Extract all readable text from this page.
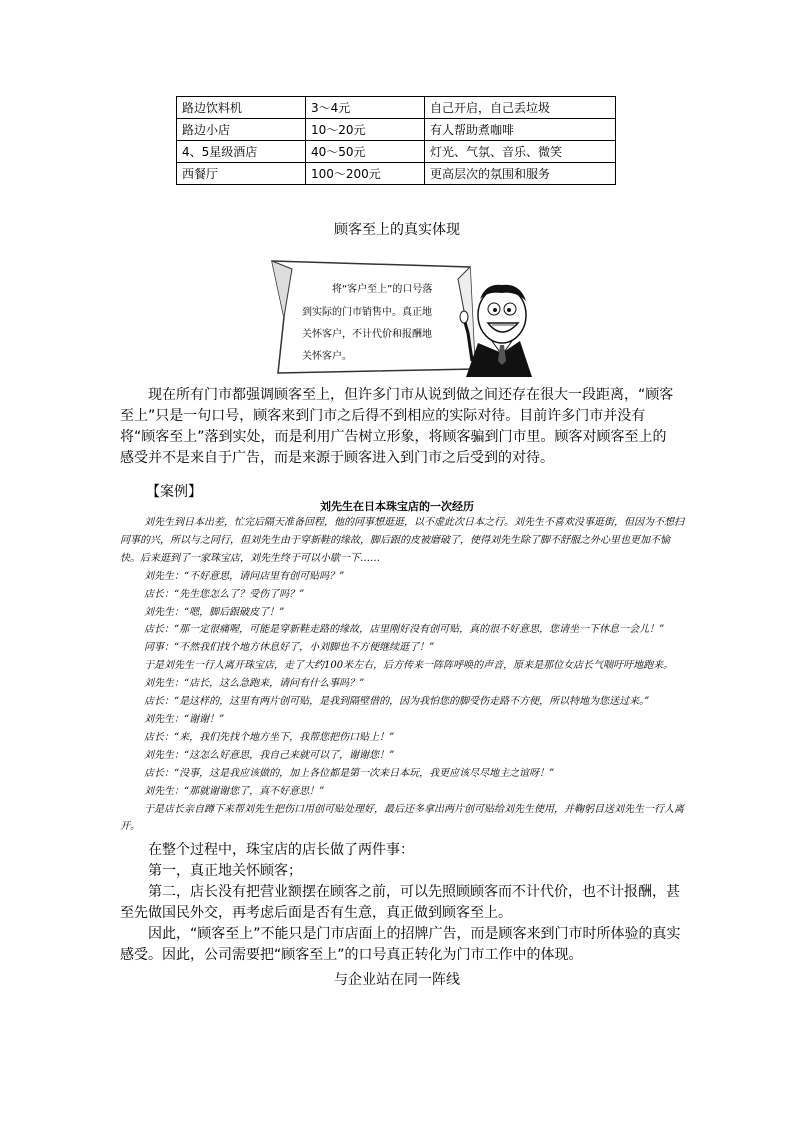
路边饮料机	3～4元	自己开启，自己丢垃圾
路边小店	10～20元	有人帮助煮咖啡
4、5星级酒店	40～50元	灯光、气氛、音乐、微笑
西餐厅	100～200元	更高层次的氛围和服务
顾客至上的真实体现
将“客户至上”的口号落
到实际的门市销售中。真正地
关怀客户，不计代价和报酬地
关怀客户。

现在所有门市都强调顾客至上，但许多门市从说到做之间还存在很大一段距离，“顾客至上”只是一句口号，顾客来到门市之后得不到相应的实际对待。目前许多门市并没有将“顾客至上”落到实处，而是利用广告树立形象，将顾客骗到门市里。顾客对顾客至上的感受并不是来自于广告，而是来源于顾客进入到门市之后受到的对待。

【案例】
刘先生在日本珠宝店的一次经历

刘先生到日本出差，忙完后隔天准备回程，他的同事想逛逛，以不虚此次日本之行。刘先生不喜欢没事逛街，但因为不想扫同事的兴，所以与之同行，但刘先生由于穿新鞋的缘故，脚后跟的皮被磨破了，使得刘先生除了脚不舒服之外心里也更加不愉快。后来逛到了一家珠宝店，刘先生终于可以小歇一下……

刘先生：“不好意思，请问店里有创可贴吗？”

店长：“先生您怎么了？受伤了吗？”

刘先生：“嗯，脚后跟破皮了！”

店长：“那一定很痛喔，可能是穿新鞋走路的缘故，店里刚好没有创可贴，真的很不好意思，您请坐一下休息一会儿！”

同事：“不然我们找个地方休息好了，小刘脚也不方便继续逛了！”

于是刘先生一行人离开珠宝店，走了大约100米左右，后方传来一阵阵呼唤的声音，原来是那位女店长气喘吁吁地跑来。

刘先生：“店长，这么急跑来，请问有什么事吗？”

店长：“是这样的，这里有两片创可贴，是我到隔壁借的，因为我怕您的脚受伤走路不方便，所以特地为您送过来。”

刘先生：“谢谢！”

店长：“来，我们先找个地方坐下，我帮您把伤口贴上！”

刘先生：“这怎么好意思，我自己来就可以了，谢谢您！”

店长：“没事，这是我应该做的，加上各位都是第一次来日本玩，我更应该尽尽地主之谊呀！”

刘先生：“那就谢谢您了，真不好意思！”

于是店长亲自蹲下来帮刘先生把伤口用创可贴处理好，最后还多拿出两片创可贴给刘先生使用，并鞠躬目送刘先生一行人离开。

在整个过程中，珠宝店的店长做了两件事：

第一，真正地关怀顾客；

第二，店长没有把营业额摆在顾客之前，可以先照顾顾客而不计代价，也不计报酬，甚至先做国民外交，再考虑后面是否有生意，真正做到顾客至上。

因此，“顾客至上”不能只是门市店面上的招牌广告，而是顾客来到门市时所体验的真实感受。因此，公司需要把“顾客至上”的口号真正转化为门市工作中的体现。

与企业站在同一阵线
